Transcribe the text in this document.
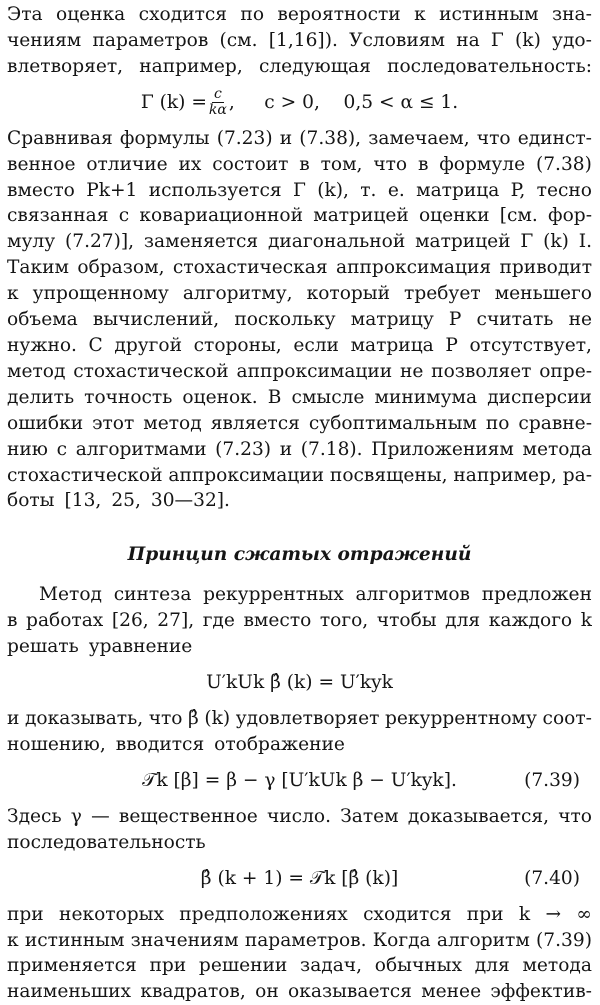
Эта оценка сходится по вероятности к истинным зна-
чениям параметров (см. [1,16]). Условиям на Γ (k) удо-
влетворяет, например, следующая последовательность:
Γ $(k) = \frac{c}{k\alpha}$ ,     c > 0,    0,5 < α ≤ 1.
Сравнивая формулы (7.23) и (7.38), замечаем, что единст-
венное отличие их состоит в том, что в формуле (7.38)
вместо Pk+1 используется Γ (k), т. е. матрица P, тесно
связанная с ковариационной матрицей оценки [см. фор-
мулу (7.27)], заменяется диагональной матрицей Γ (k) I.
Таким образом, стохастическая аппроксимация приводит
к упрощенному алгоритму, который требует меньшего
объема вычислений, поскольку матрицу P считать не
нужно. С другой стороны, если матрица P отсутствует,
метод стохастической аппроксимации не позволяет опре-
делить точность оценок. В смысле минимума дисперсии
ошибки этот метод является субоптимальным по сравне-
нию с алгоритмами (7.23) и (7.18). Приложениям метода
стохастической аппроксимации посвящены, например, ра-
боты [13, 25, 30—32].
Принцип сжатых отражений
Метод синтеза рекуррентных алгоритмов предложен
в работах [26, 27], где вместо того, чтобы для каждого k
решать уравнение
U′kUk β̂ (k) = U′kyk
и доказывать, что β̂ (k) удовлетворяет рекуррентному соот-
ношению, вводится отображение
𝒯k [β] = β − γ [U′kUk β − U′kyk].	(7.39)
Здесь γ — вещественное число. Затем доказывается, что
последовательность
β̂ (k + 1) = 𝒯k [β̂ (k)]	(7.40)
при некоторых предположениях сходится при k → ∞
к истинным значениям параметров. Когда алгоритм (7.39)
применяется при решении задач, обычных для метода
наименьших квадратов, он оказывается менее эффектив-
